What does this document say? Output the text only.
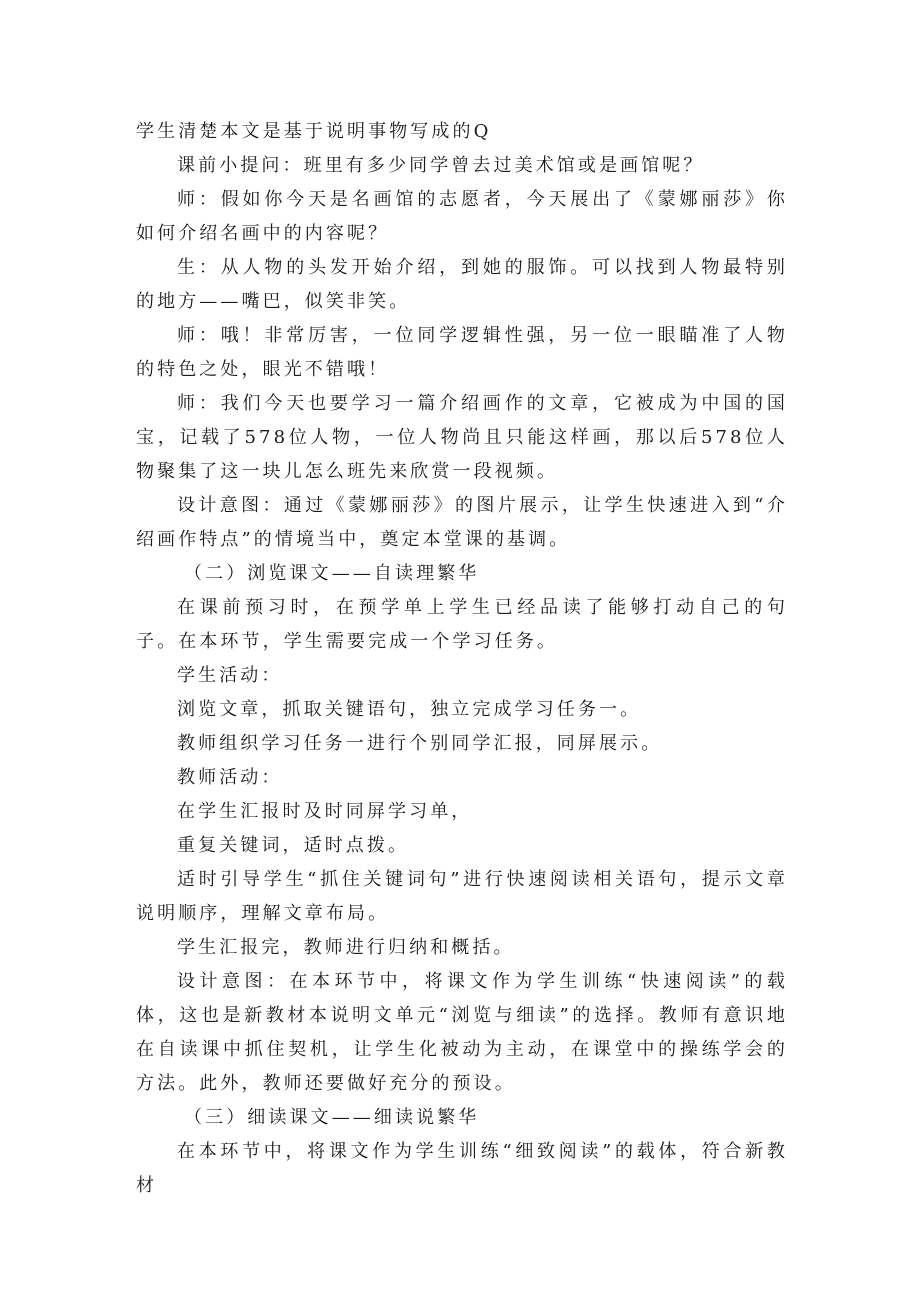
学生清楚本文是基于说明事物写成的Q

课前小提问：班里有多少同学曾去过美术馆或是画馆呢？

师：假如你今天是名画馆的志愿者，今天展出了《蒙娜丽莎》你如何介绍名画中的内容呢？

生：从人物的头发开始介绍，到她的服饰。可以找到人物最特别的地方——嘴巴，似笑非笑。

师：哦！非常厉害，一位同学逻辑性强，另一位一眼瞄准了人物的特色之处，眼光不错哦！

师：我们今天也要学习一篇介绍画作的文章，它被成为中国的国宝，记载了578位人物，一位人物尚且只能这样画，那以后578位人物聚集了这一块儿怎么班先来欣赏一段视频。

设计意图：通过《蒙娜丽莎》的图片展示，让学生快速进入到“介绍画作特点”的情境当中，奠定本堂课的基调。

（二）浏览课文——自读理繁华

在课前预习时，在预学单上学生已经品读了能够打动自己的句子。在本环节，学生需要完成一个学习任务。

学生活动：

浏览文章，抓取关键语句，独立完成学习任务一。

教师组织学习任务一进行个别同学汇报，同屏展示。

教师活动：

在学生汇报时及时同屏学习单，

重复关键词，适时点拨。

适时引导学生“抓住关键词句”进行快速阅读相关语句，提示文章说明顺序，理解文章布局。

学生汇报完，教师进行归纳和概括。

设计意图：在本环节中，将课文作为学生训练“快速阅读”的载体，这也是新教材本说明文单元“浏览与细读”的选择。教师有意识地在自读课中抓住契机，让学生化被动为主动，在课堂中的操练学会的方法。此外，教师还要做好充分的预设。

（三）细读课文——细读说繁华

在本环节中，将课文作为学生训练“细致阅读”的载体，符合新教材
